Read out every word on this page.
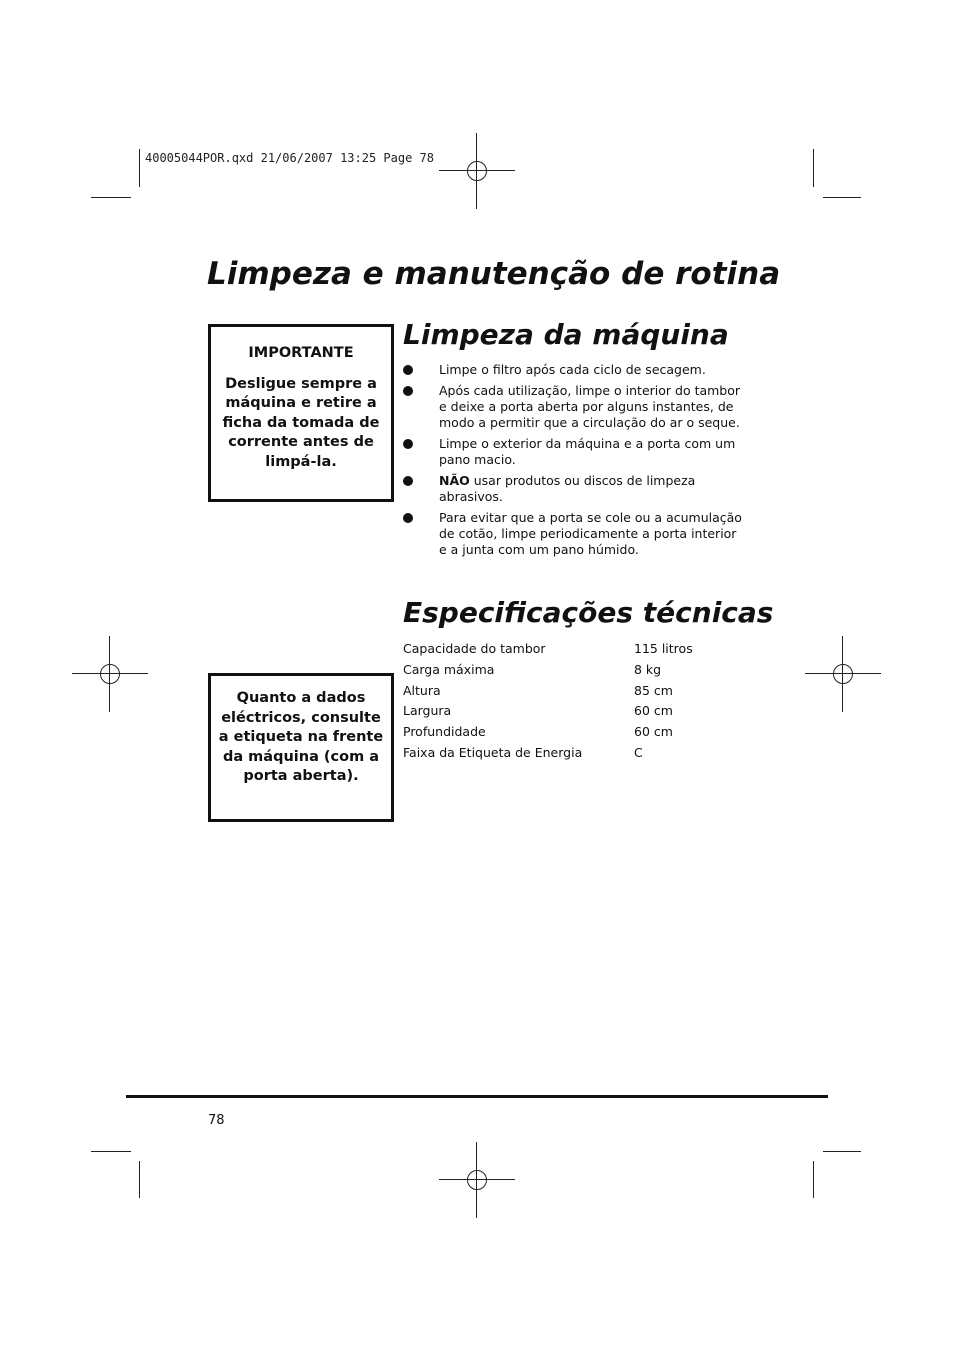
40005044POR.qxd 21/06/2007 13:25 Page 78
Limpeza e manutenção de rotina
IMPORTANTE
Desligue sempre a máquina e retire a ficha da tomada de corrente antes de limpá-la.
Limpeza da máquina
Limpe o filtro após cada ciclo de secagem.
Após cada utilização, limpe o interior do tambor e deixe a porta aberta por alguns instantes, de modo a permitir que a circulação do ar o seque.
Limpe o exterior da máquina e a porta com um pano macio.
NÃO usar produtos ou discos de limpeza abrasivos.
Para evitar que a porta se cole ou a acumulação de cotão, limpe periodicamente a porta interior e a junta com um pano húmido.
Especificações técnicas
Capacidade do tambor	115 litros
Carga máxima	8 kg
Altura	85 cm
Largura	60 cm
Profundidade	60 cm
Faixa da Etiqueta de Energia	C
Quanto a dados eléctricos, consulte a etiqueta na frente da máquina (com a porta aberta).
78
